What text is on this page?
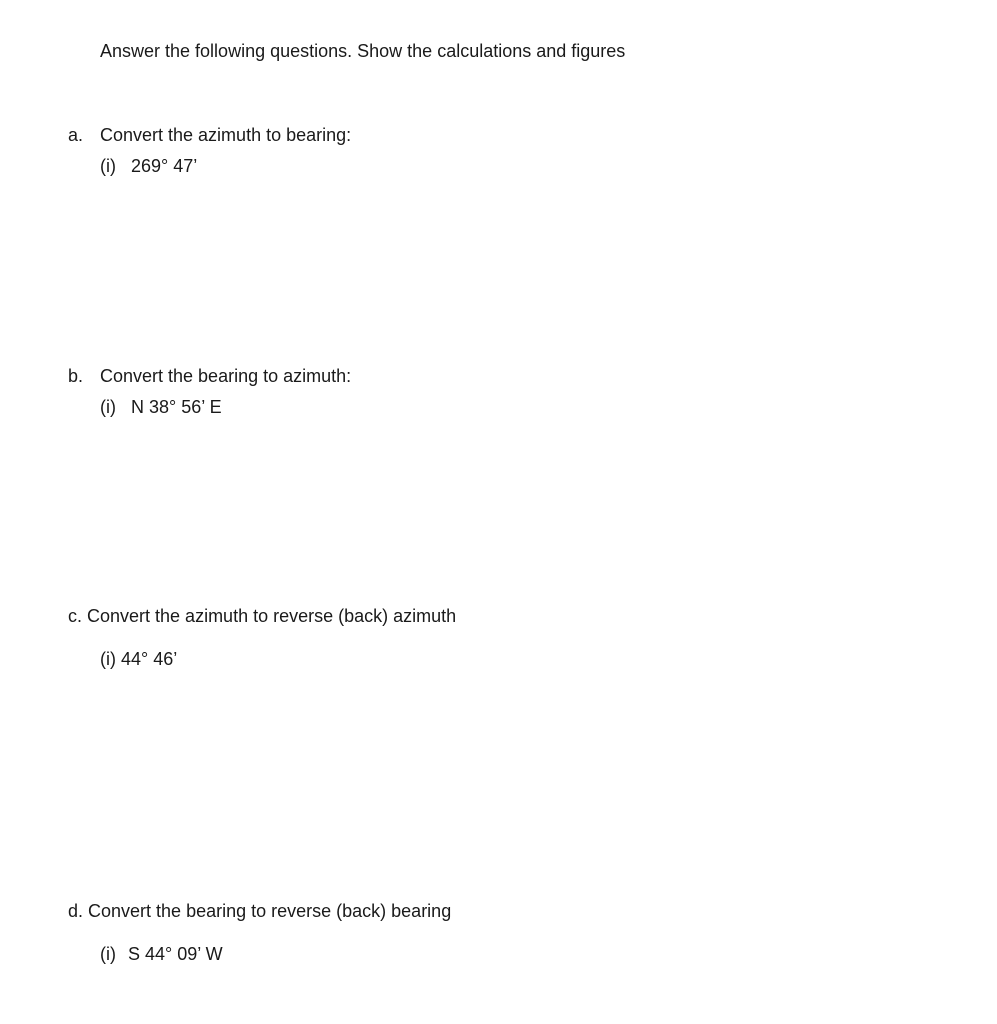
Answer the following questions. Show the calculations and figures
a. Convert the azimuth to bearing:
(i) 269° 47’
b. Convert the bearing to azimuth:
(i) N 38° 56’ E
c. Convert the azimuth to reverse (back) azimuth
(i) 44° 46’
d. Convert the bearing to reverse (back) bearing
(i) S 44° 09’ W
